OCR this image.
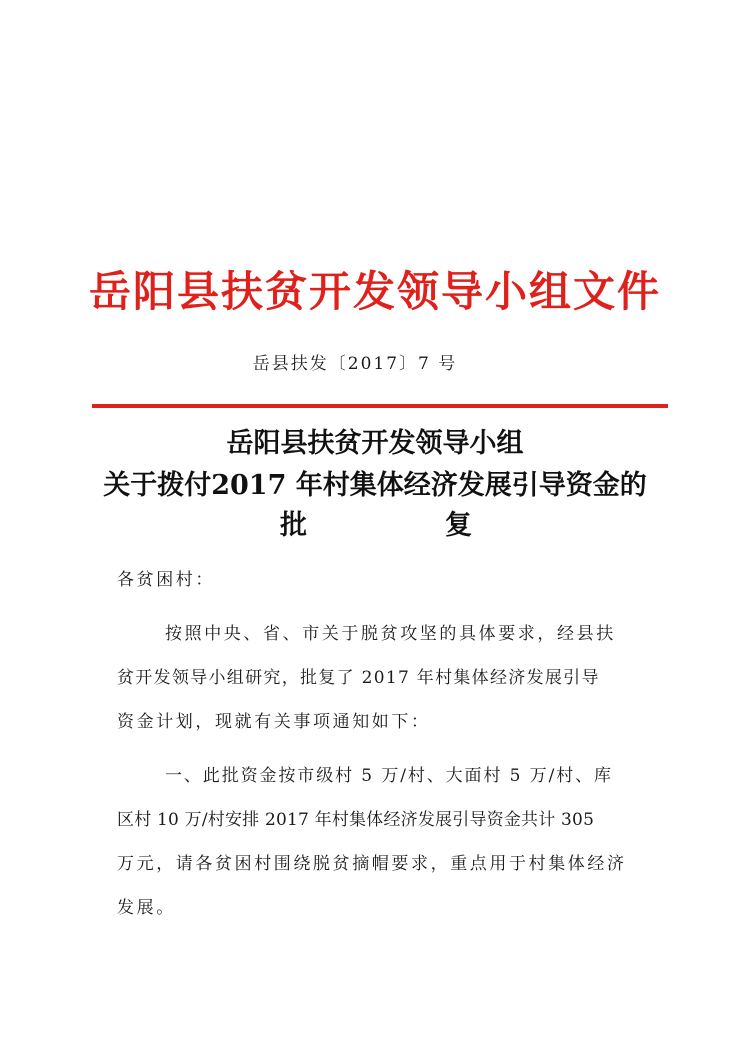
岳阳县扶贫开发领导小组文件
岳县扶发〔2017〕7 号
岳阳县扶贫开发领导小组
关于拨付2017 年村集体经济发展引导资金的
批	复
各贫困村：
按照中央、省、市关于脱贫攻坚的具体要求，经县扶
贫开发领导小组研究，批复了 2017 年村集体经济发展引导
资金计划，现就有关事项通知如下：
一、此批资金按市级村 5 万/村、大面村 5 万/村、库
区村 10 万/村安排 2017 年村集体经济发展引导资金共计 305
万元，请各贫困村围绕脱贫摘帽要求，重点用于村集体经济
发展。
